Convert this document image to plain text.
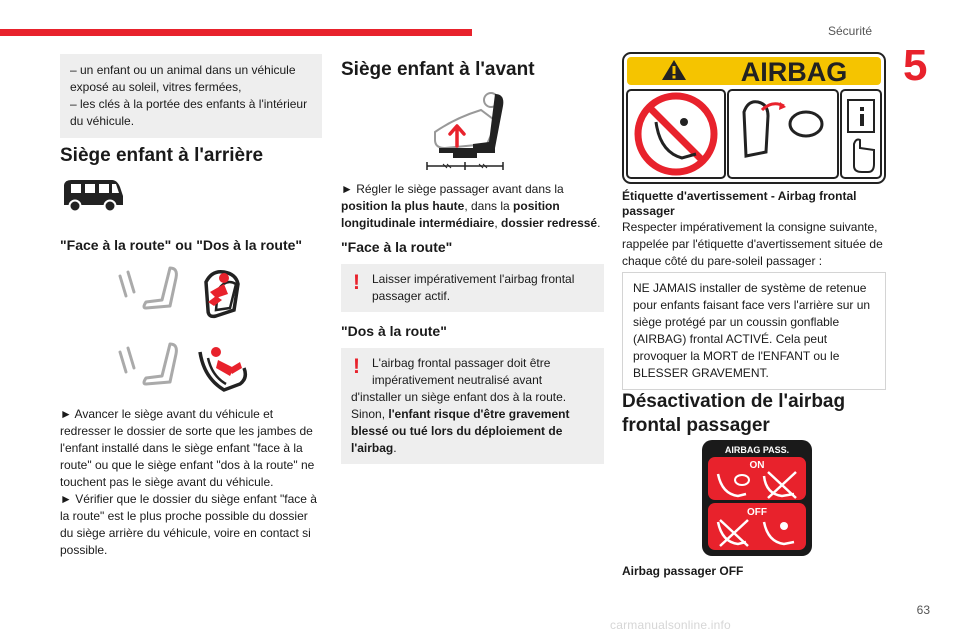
Sécurité
5
63
carmanualsonline.info

– un enfant ou un animal dans un véhicule exposé au soleil, vitres fermées,

– les clés à la portée des enfants à l'intérieur du véhicule.

Siège enfant à l'arrière
"Face à la route" ou "Dos à la route"

► Avancer le siège avant du véhicule et redresser le dossier de sorte que les jambes de l'enfant installé dans le siège enfant "face à la route" ou que le siège enfant "dos à la route" ne touchent pas le siège avant du véhicule.

► Vérifier que le dossier du siège enfant "face à la route" est le plus proche possible du dossier du siège arrière du véhicule, voire en contact si possible.

Siège enfant à l'avant

► Régler le siège passager avant dans la position la plus haute, dans la position longitudinale intermédiaire, dossier redressé.

"Face à la route"
! Laisser impérativement l'airbag frontal passager actif.

"Dos à la route"
! L'airbag frontal passager doit être impérativement neutralisé avant

d'installer un siège enfant dos à la route. Sinon, l'enfant risque d'être gravement blessé ou tué lors du déploiement de l'airbag.

AIRBAG

Étiquette d'avertissement - Airbag frontal passager

Respecter impérativement la consigne suivante, rappelée par l'étiquette d'avertissement située de chaque côté du pare-soleil passager :

NE JAMAIS installer de système de retenue pour enfants faisant face vers l'arrière sur un siège protégé par un coussin gonflable (AIRBAG) frontal ACTIVÉ. Cela peut provoquer la MORT de l'ENFANT ou le BLESSER GRAVEMENT.

Désactivation de l'airbag frontal passager
AIRBAG PASS.
ON
OFF

Airbag passager OFF
